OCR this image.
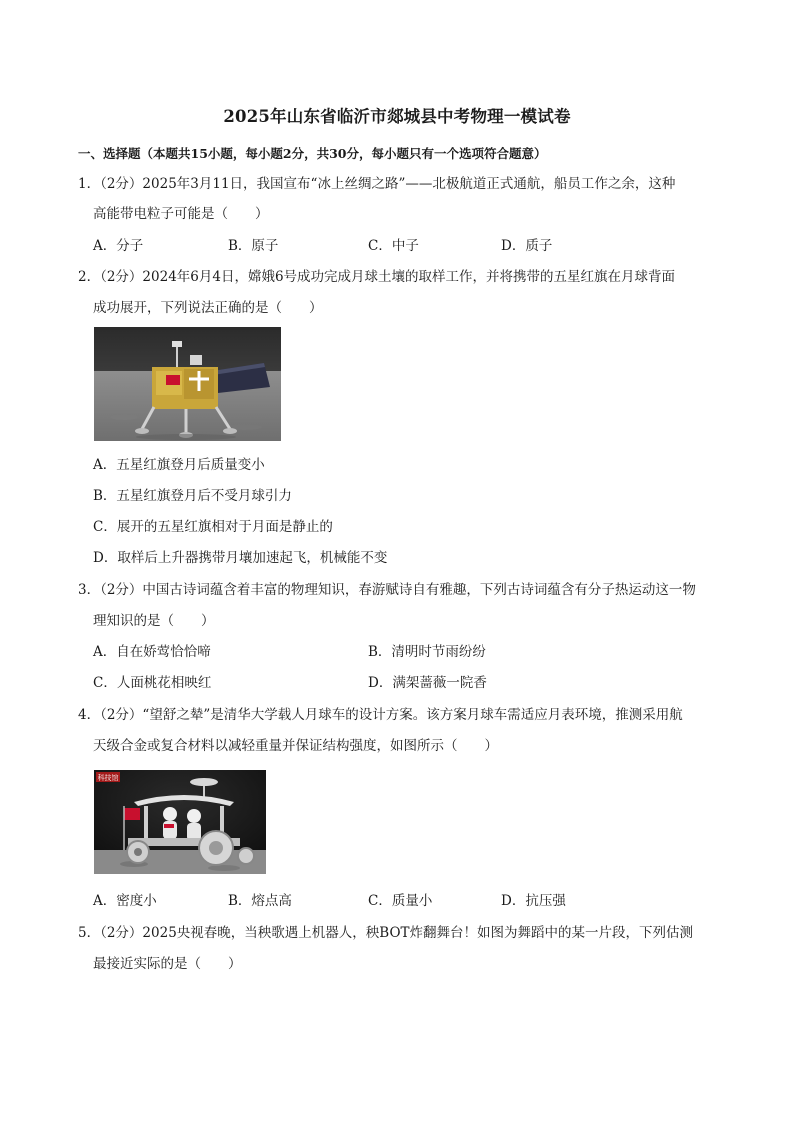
2025年山东省临沂市郯城县中考物理一模试卷
一、选择题（本题共15小题，每小题2分，共30分，每小题只有一个选项符合题意）
1．（2分）2025年3月11日，我国宣布“冰上丝绸之路”——北极航道正式通航，船员工作之余，这种
高能带电粒子可能是（　　）
A．分子	B．原子	C．中子	D．质子
2．（2分）2024年6月4日，嫦娥6号成功完成月球土壤的取样工作，并将携带的五星红旗在月球背面
成功展开，下列说法正确的是（　　）
A．五星红旗登月后质量变小
B．五星红旗登月后不受月球引力
C．展开的五星红旗相对于月面是静止的
D．取样后上升器携带月壤加速起飞，机械能不变
3．（2分）中国古诗词蕴含着丰富的物理知识，春游赋诗自有雅趣，下列古诗词蕴含有分子热运动这一物
理知识的是（　　）
A．自在娇莺恰恰啼	B．清明时节雨纷纷
C．人面桃花相映红	D．满架蔷薇一院香
4．（2分）“望舒之辇”是清华大学载人月球车的设计方案。该方案月球车需适应月表环境，推测采用航
天级合金或复合材料以减轻重量并保证结构强度，如图所示（　　）
科技馆
A．密度小	B．熔点高	C．质量小	D．抗压强
5．（2分）2025央视春晚，当秧歌遇上机器人，秧BOT炸翻舞台！如图为舞蹈中的某一片段，下列估测
最接近实际的是（　　）
